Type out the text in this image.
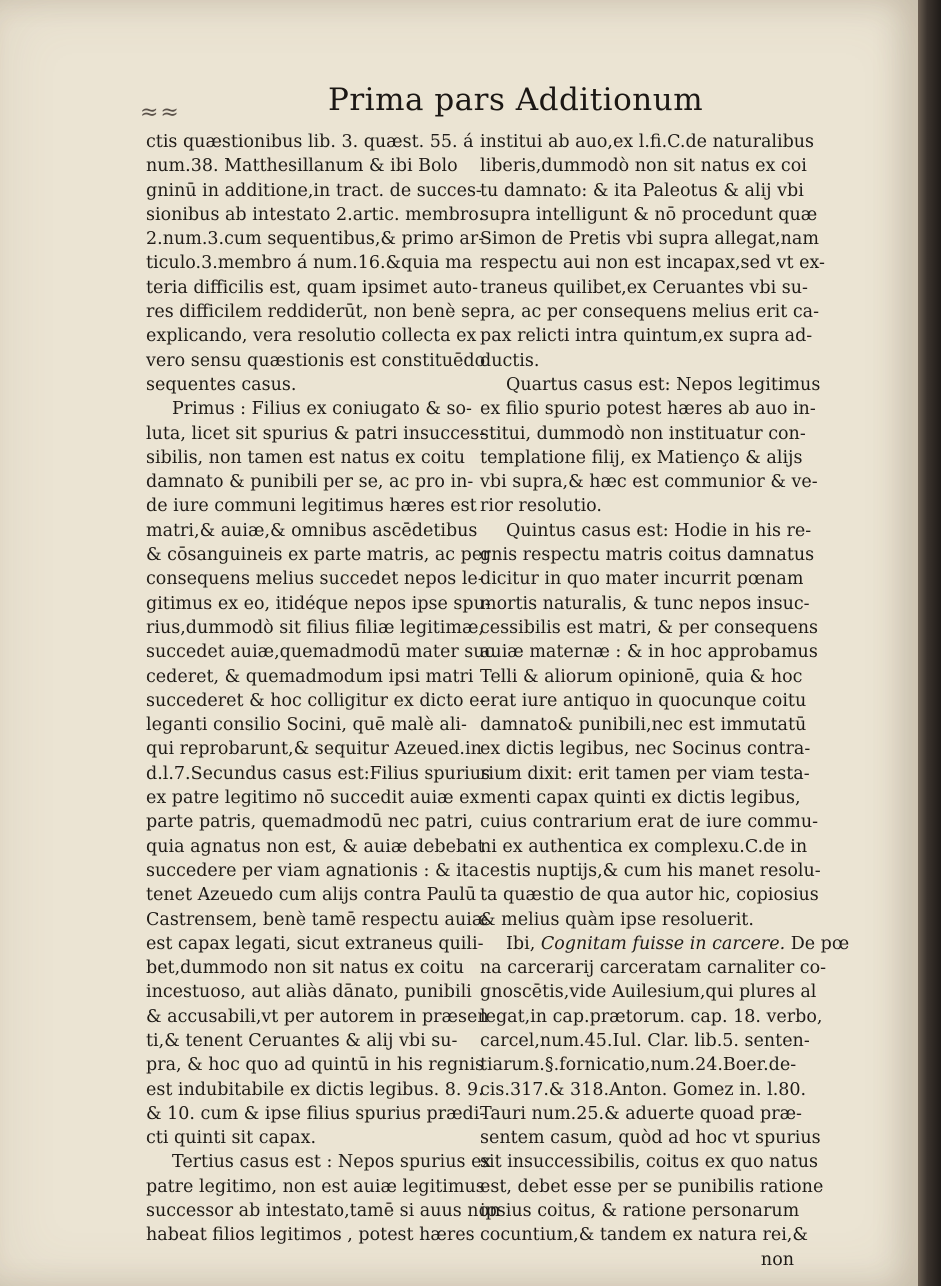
≈≈	Prima pars Additionum

ctis quæstionibus lib. 3. quæst. 55. á

num.38. Matthesillanum & ibi Bolo

gninū in additione,in tract. de succes-

sionibus ab intestato 2.artic. membro.

2.num.3.cum sequentibus,& primo ar-

ticulo.3.membro á num.16.&quia ma

teria difficilis est, quam ipsimet auto-

res difficilem reddiderūt, non benè se

explicando, vera resolutio collecta ex

vero sensu quæstionis est constituēdo

sequentes casus.

Primus : Filius ex coniugato & so-

luta, licet sit spurius & patri insucces-

sibilis, non tamen est natus ex coitu

damnato & punibili per se, ac pro in-

de iure communi legitimus hæres est

matri,& auiæ,& omnibus ascēdetibus

& cōsanguineis ex parte matris, ac per

consequens melius succedet nepos le-

gitimus ex eo, itidéque nepos ipse spu-

rius,dummodò sit filius filiæ legitimæ,

succedet auiæ,quemadmodū mater suc

cederet, & quemadmodum ipsi matri

succederet & hoc colligitur ex dicto e-

leganti consilio Socini, quē malè ali-

qui reprobarunt,& sequitur Azeued.in

d.l.7.Secundus casus est:Filius spurius

ex patre legitimo nō succedit auiæ ex

parte patris, quemadmodū nec patri,

quia agnatus non est, & auiæ debebat

succedere per viam agnationis : & ita

tenet Azeuedo cum alijs contra Paulū

Castrensem, benè tamē respectu auiæ

est capax legati, sicut extraneus quili-

bet,dummodo non sit natus ex coitu

incestuoso, aut aliàs dānato, punibili

& accusabili,vt per autorem in præsen

ti,& tenent Ceruantes & alij vbi su-

pra, & hoc quo ad quintū in his regnis

est indubitabile ex dictis legibus. 8. 9.

& 10. cum & ipse filius spurius prædi-

cti quinti sit capax.

Tertius casus est : Nepos spurius ex

patre legitimo, non est auiæ legitimus

successor ab intestato,tamē si auus non

habeat filios legitimos , potest hæres

institui ab auo,ex l.fi.C.de naturalibus

liberis,dummodò non sit natus ex coi

tu damnato: & ita Paleotus & alij vbi

supra intelligunt & nō procedunt quæ

Simon de Pretis vbi supra allegat,nam

respectu aui non est incapax,sed vt ex-

traneus quilibet,ex Ceruantes vbi su-

pra, ac per consequens melius erit ca-

pax relicti intra quintum,ex supra ad-

ductis.

Quartus casus est: Nepos legitimus

ex filio spurio potest hæres ab auo in-

stitui, dummodò non instituatur con-

templatione filij, ex Matienço & alijs

vbi supra,& hæc est communior & ve-

rior resolutio.

Quintus casus est: Hodie in his re-

gnis respectu matris coitus damnatus

dicitur in quo mater incurrit pœnam

mortis naturalis, & tunc nepos insuc-

cessibilis est matri, & per consequens

auiæ maternæ : & in hoc approbamus

Telli & aliorum opinionē, quia & hoc

erat iure antiquo in quocunque coitu

damnato& punibili,nec est immutatū

ex dictis legibus, nec Socinus contra-

rium dixit: erit tamen per viam testa-

menti capax quinti ex dictis legibus,

cuius contrarium erat de iure commu-

ni ex authentica ex complexu.C.de in

cestis nuptijs,& cum his manet resolu-

ta quæstio de qua autor hic, copiosius

& melius quàm ipse resoluerit.

Ibi, Cognitam fuisse in carcere. De pœ

na carcerarij carceratam carnaliter co-

gnoscētis,vide Auilesium,qui plures al

legat,in cap.prætorum. cap. 18. verbo,

carcel,num.45.Iul. Clar. lib.5. senten-

tiarum.§.fornicatio,num.24.Boer.de-

cis.317.& 318.Anton. Gomez in. l.80.

Tauri num.25.& aduerte quoad præ-

sentem casum, quòd ad hoc vt spurius

sit insuccessibilis, coitus ex quo natus

est, debet esse per se punibilis ratione

ipsius coitus, & ratione personarum

cocuntium,& tandem ex natura rei,&

non
